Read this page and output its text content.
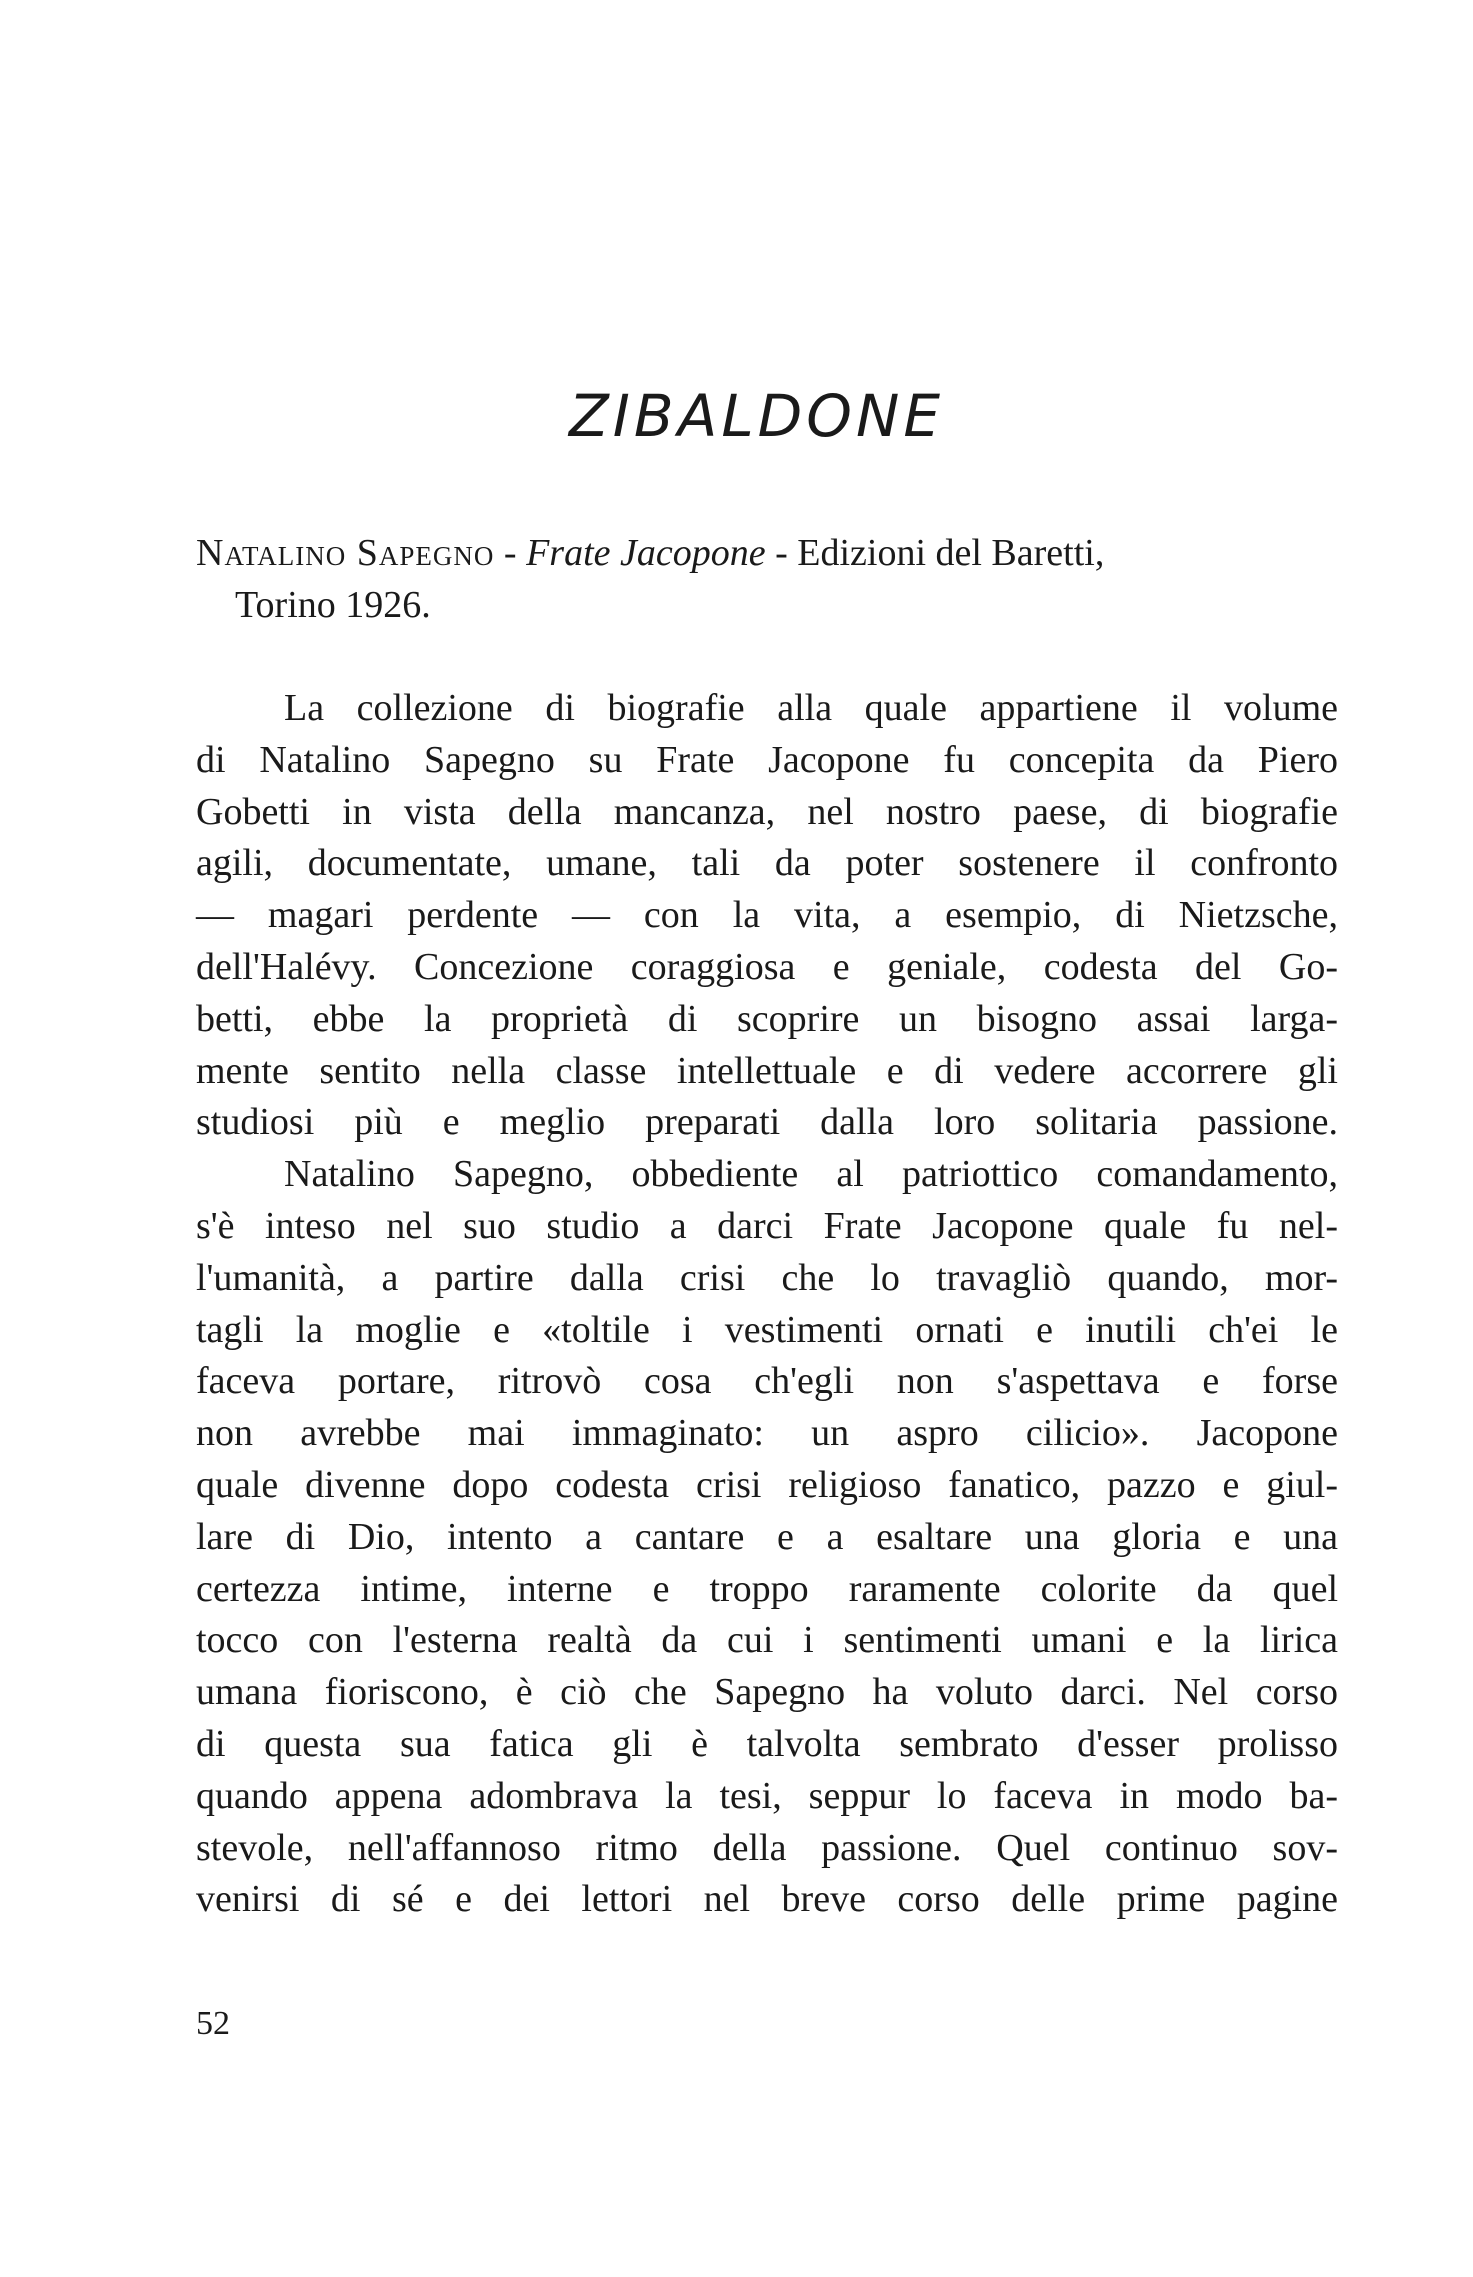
ZIBALDONE
Natalino Sapegno - Frate Jacopone - Edizioni del Baretti,
Torino 1926.
La collezione di biografie alla quale appartiene il volume
di Natalino Sapegno su Frate Jacopone fu concepita da Piero
Gobetti in vista della mancanza, nel nostro paese, di biografie
agili, documentate, umane, tali da poter sostenere il confronto
— magari perdente — con la vita, a esempio, di Nietzsche,
dell'Halévy. Concezione coraggiosa e geniale, codesta del Go-
betti, ebbe la proprietà di scoprire un bisogno assai larga-
mente sentito nella classe intellettuale e di vedere accorrere gli
studiosi più e meglio preparati dalla loro solitaria passione.
Natalino Sapegno, obbediente al patriottico comandamento,
s'è inteso nel suo studio a darci Frate Jacopone quale fu nel-
l'umanità, a partire dalla crisi che lo travagliò quando, mor-
tagli la moglie e «toltile i vestimenti ornati e inutili ch'ei le
faceva portare, ritrovò cosa ch'egli non s'aspettava e forse
non avrebbe mai immaginato: un aspro cilicio». Jacopone
quale divenne dopo codesta crisi religioso fanatico, pazzo e giul-
lare di Dio, intento a cantare e a esaltare una gloria e una
certezza intime, interne e troppo raramente colorite da quel
tocco con l'esterna realtà da cui i sentimenti umani e la lirica
umana fioriscono, è ciò che Sapegno ha voluto darci. Nel corso
di questa sua fatica gli è talvolta sembrato d'esser prolisso
quando appena adombrava la tesi, seppur lo faceva in modo ba-
stevole, nell'affannoso ritmo della passione. Quel continuo sov-
venirsi di sé e dei lettori nel breve corso delle prime pagine
52
